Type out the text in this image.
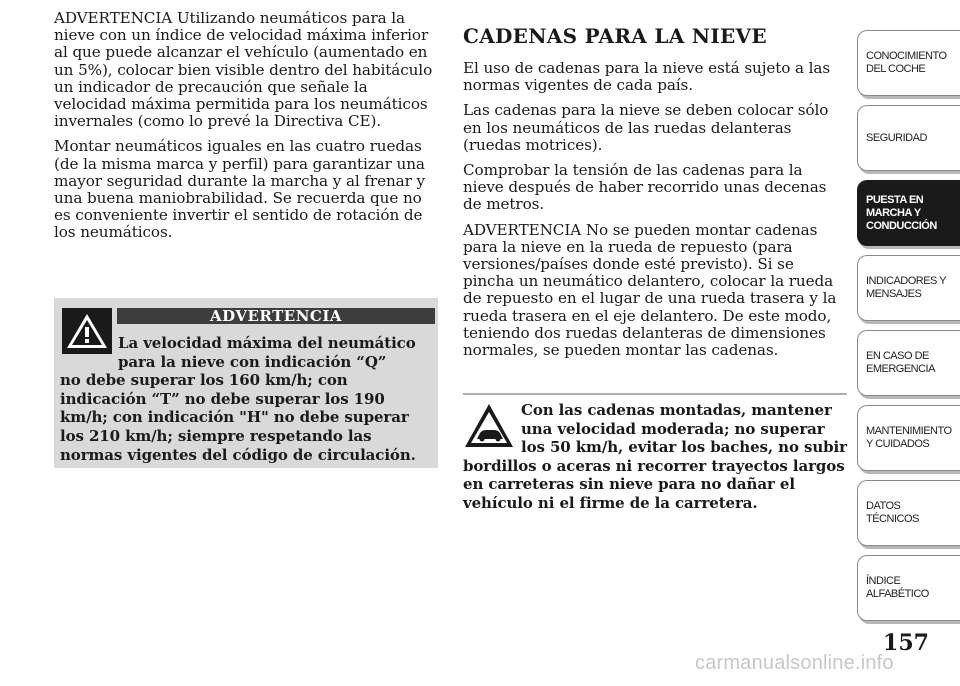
ADVERTENCIA Utilizando neumáticos para la nieve con un índice de velocidad máxima inferior al que puede alcanzar el vehículo (aumentado en un 5%), colocar bien visible dentro del habitáculo un indicador de precaución que señale la velocidad máxima permitida para los neumáticos invernales (como lo prevé la Directiva CE).

Montar neumáticos iguales en las cuatro ruedas (de la misma marca y perfil) para garantizar una mayor seguridad durante la marcha y al frenar y una buena maniobrabilidad. Se recuerda que no es conveniente invertir el sentido de rotación de los neumáticos.

ADVERTENCIA

La velocidad máxima del neumático para la nieve con indicación “Q”
no debe superar los 160 km/h; con indicación “T” no debe superar los 190 km/h; con indicación "H" no debe superar los 210 km/h; siempre respetando las normas vigentes del código de circulación.

CADENAS PARA LA NIEVE

El uso de cadenas para la nieve está sujeto a las normas vigentes de cada país.

Las cadenas para la nieve se deben colocar sólo en los neumáticos de las ruedas delanteras (ruedas motrices).

Comprobar la tensión de las cadenas para la nieve después de haber recorrido unas decenas de metros.

ADVERTENCIA No se pueden montar cadenas para la nieve en la rueda de repuesto (para versiones/países donde esté previsto). Si se pincha un neumático delantero, colocar la rueda de repuesto en el lugar de una rueda trasera y la rueda trasera en el eje delantero. De este modo, teniendo dos ruedas delanteras de dimensiones normales, se pueden montar las cadenas.

Con las cadenas montadas, mantener una velocidad moderada; no superar los 50 km/h, evitar los baches, no subir
bordillos o aceras ni recorrer trayectos largos en carreteras sin nieve para no dañar el vehículo ni el firme de la carretera.

CONOCIMIENTO DEL COCHE
SEGURIDAD
PUESTA EN MARCHA Y CONDUCCIÓN
INDICADORES Y MENSAJES
EN CASO DE EMERGENCIA
MANTENIMIENTO Y CUIDADOS
DATOS TÉCNICOS
ÍNDICE ALFABÉTICO
157
carmanualsonline.info
